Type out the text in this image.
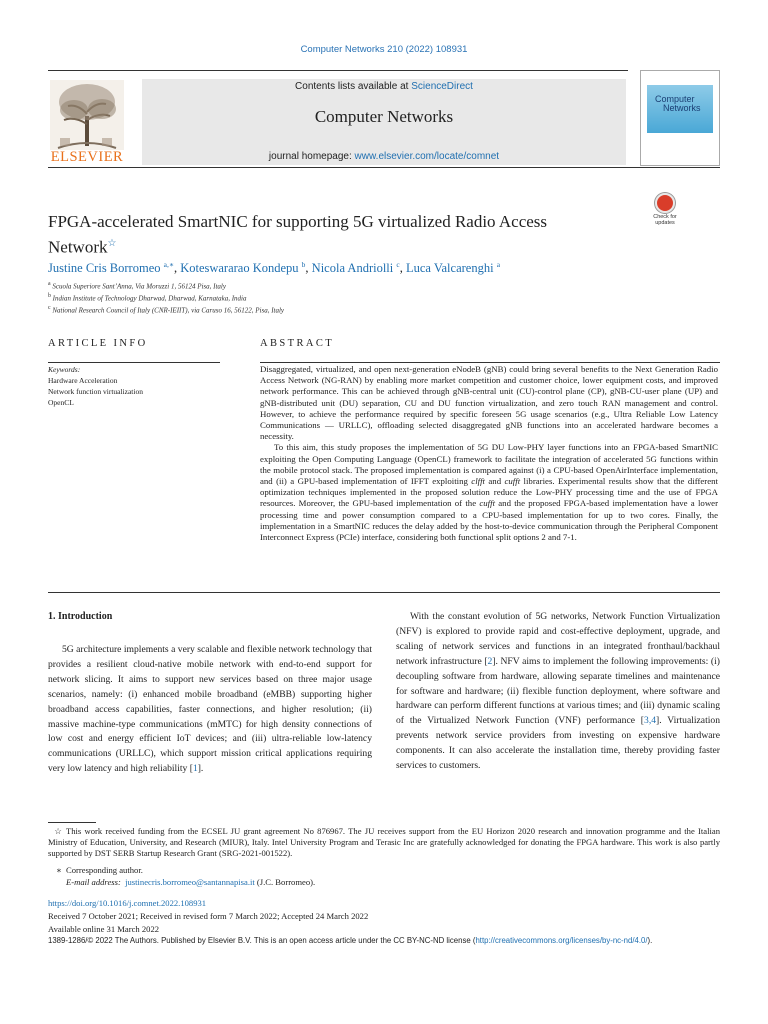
Computer Networks 210 (2022) 108931
ELSEVIER
Contents lists available at ScienceDirect
Computer Networks
journal homepage: www.elsevier.com/locate/comnet
Computer
Networks
Check for
updates
FPGA-accelerated SmartNIC for supporting 5G virtualized Radio Access
Network☆
Justine Cris Borromeo $^{a,∗}$, Koteswararao Kondepu $^b$, Nicola Andriolli $^c$, Luca Valcarenghi $^a$
$^a$ Scuola Superiore Sant’Anna, Via Moruzzi 1, 56124 Pisa, Italy
$^b$ Indian Institute of Technology Dharwad, Dharwad, Karnataka, India
$^c$ National Research Council of Italy (CNR-IEIIT), via Caruso 16, 56122, Pisa, Italy
ARTICLE INFO	ABSTRACT
Keywords:
Hardware Acceleration
Network function virtualization
OpenCL

Disaggregated, virtualized, and open next-generation eNodeB (gNB) could bring several benefits to the Next Generation Radio Access Network (NG-RAN) by enabling more market competition and customer choice, lower equipment costs, and improved network performance. This can be achieved through gNB-central unit (CU)-control plane (CP), gNB-CU-user plane (UP) and gNB-distributed unit (DU) separation, CU and DU function virtualization, and zero touch RAN management and control. However, to achieve the performance required by specific foreseen 5G usage scenarios (e.g., Ultra Reliable Low Latency Communications — URLLC), offloading selected disaggregated gNB functions into an accelerated hardware becomes a necessity.

To this aim, this study proposes the implementation of 5G DU Low-PHY layer functions into an FPGA-based SmartNIC exploiting the Open Computing Language (OpenCL) framework to facilitate the integration of accelerated 5G functions within the mobile protocol stack. The proposed implementation is compared against (i) a CPU-based OpenAirInterface implementation, and (ii) a GPU-based implementation of IFFT exploiting clfft and cufft libraries. Experimental results show that the different optimization techniques implemented in the proposed solution reduce the Low-PHY processing time and the use of FPGA resources. Moreover, the GPU-based implementation of the cufft and the proposed FPGA-based implementation have a lower processing time and power consumption compared to a CPU-based implementation for up to two cores. Finally, the implementation in a SmartNIC reduces the delay added by the host-to-device communication through the Peripheral Component Interconnect Express (PCIe) interface, considering both functional split options 2 and 7-1.

1. Introduction
5G architecture implements a very scalable and flexible network technology that provides a resilient cloud-native mobile network with end-to-end support for network slicing. It aims to support new services based on three major usage scenarios, namely: (i) enhanced mobile broadband (eMBB) supporting higher broadband access capabilities, faster connections, and higher resolution; (ii) massive machine-type communications (mMTC) for high density connections of low cost and energy efficient IoT devices; and (iii) ultra-reliable low-latency communications (URLLC), which support mission critical applications requiring very low latency and high reliability [1].
With the constant evolution of 5G networks, Network Function Virtualization (NFV) is explored to provide rapid and cost-effective deployment, upgrade, and scaling of network services and functions in an integrated fronthaul/backhaul network infrastructure [2]. NFV aims to implement the following improvements: (i) decoupling software from hardware, allowing separate timelines and maintenance for software and hardware; (ii) flexible function deployment, where software and hardware can perform different functions at various times; and (iii) dynamic scaling of the Virtualized Network Function (VNF) performance [3,4]. Virtualization prevents network service providers from investing on expensive hardware components. It can also accelerate the installation time, thereby providing faster services to customers.
☆ This work received funding from the ECSEL JU grant agreement No 876967. The JU receives support from the EU Horizon 2020 research and innovation programme and the Italian Ministry of Education, University, and Research (MIUR), Italy. Intel University Program and Terasic Inc are gratefully acknowledged for donating the FPGA hardware. This work is also partly supported by DST SERB Startup Research Grant (SRG-2021-001522).
∗ Corresponding author.
E-mail address: justinecris.borromeo@santannapisa.it (J.C. Borromeo).
https://doi.org/10.1016/j.comnet.2022.108931
Received 7 October 2021; Received in revised form 7 March 2022; Accepted 24 March 2022
Available online 31 March 2022
1389-1286/© 2022 The Authors. Published by Elsevier B.V. This is an open access article under the CC BY-NC-ND license (http://creativecommons.org/licenses/by-nc-nd/4.0/).
